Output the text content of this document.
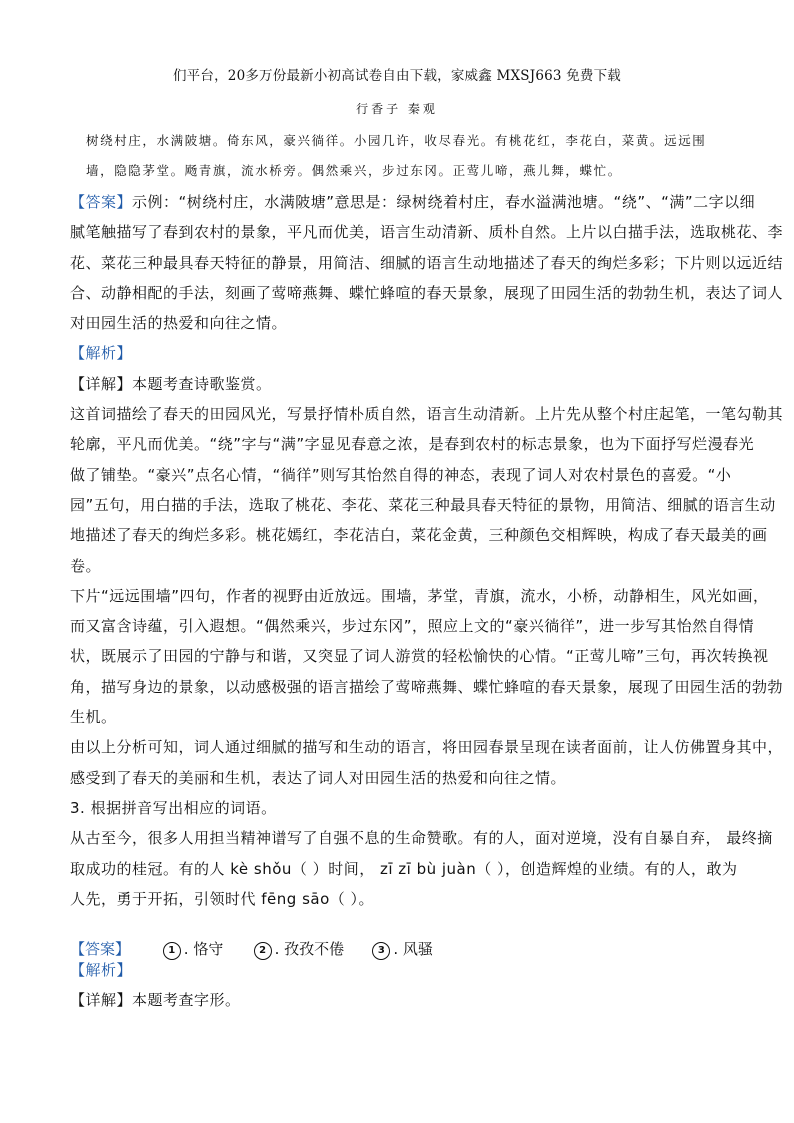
们平台，20多万份最新小初高试卷自由下载，家威鑫 MXSJ663 免费下载
行香子 秦观
树绕村庄，水满陂塘。倚东风，豪兴徜徉。小园几许，收尽春光。有桃花红，李花白，菜黄。远远围
墙，隐隐茅堂。飏青旗，流水桥旁。偶然乘兴，步过东冈。正莺儿啼，燕儿舞，蝶忙。
【答案】示例：“树绕村庄，水满陂塘”意思是：绿树绕着村庄，春水溢满池塘。“绕”、“满”二字以细
腻笔触描写了春到农村的景象，平凡而优美，语言生动清新、质朴自然。上片以白描手法，选取桃花、李
花、菜花三种最具春天特征的静景，用简洁、细腻的语言生动地描述了春天的绚烂多彩；下片则以远近结
合、动静相配的手法，刻画了莺啼燕舞、蝶忙蜂喧的春天景象，展现了田园生活的勃勃生机，表达了词人
对田园生活的热爱和向往之情。
【解析】
【详解】本题考查诗歌鉴赏。
这首词描绘了春天的田园风光，写景抒情朴质自然，语言生动清新。上片先从整个村庄起笔，一笔勾勒其
轮廓，平凡而优美。“绕”字与“满”字显见春意之浓，是春到农村的标志景象，也为下面抒写烂漫春光
做了铺垫。“豪兴”点名心情，“徜徉”则写其怡然自得的神态，表现了词人对农村景色的喜爱。“小
园”五句，用白描的手法，选取了桃花、李花、菜花三种最具春天特征的景物，用简洁、细腻的语言生动
地描述了春天的绚烂多彩。桃花嫣红，李花洁白，菜花金黄，三种颜色交相辉映，构成了春天最美的画
卷。
下片“远远围墙”四句，作者的视野由近放远。围墙，茅堂，青旗，流水，小桥，动静相生，风光如画，
而又富含诗蕴，引入遐想。“偶然乘兴，步过东冈”，照应上文的“豪兴徜徉”，进一步写其怡然自得情
状，既展示了田园的宁静与和谐，又突显了词人游赏的轻松愉快的心情。“正莺儿啼”三句，再次转换视
角，描写身边的景象，以动感极强的语言描绘了莺啼燕舞、蝶忙蜂喧的春天景象，展现了田园生活的勃勃
生机。
由以上分析可知，词人通过细腻的描写和生动的语言，将田园春景呈现在读者面前，让人仿佛置身其中，
感受到了春天的美丽和生机，表达了词人对田园生活的热爱和向往之情。
3. 根据拼音写出相应的词语。
从古至今，很多人用担当精神谱写了自强不息的生命赞歌。有的人，面对逆境，没有自暴自弃， 最终摘
取成功的桂冠。有的人 kè shǒu（ ）时间， zī zī bù juàn（ ），创造辉煌的业绩。有的人，敢为
人先，勇于开拓，引领时代 fēng sāo（ ）。
【答案】	1 . 恪守	2 . 孜孜不倦	3 . 风骚
【解析】
【详解】本题考查字形。
